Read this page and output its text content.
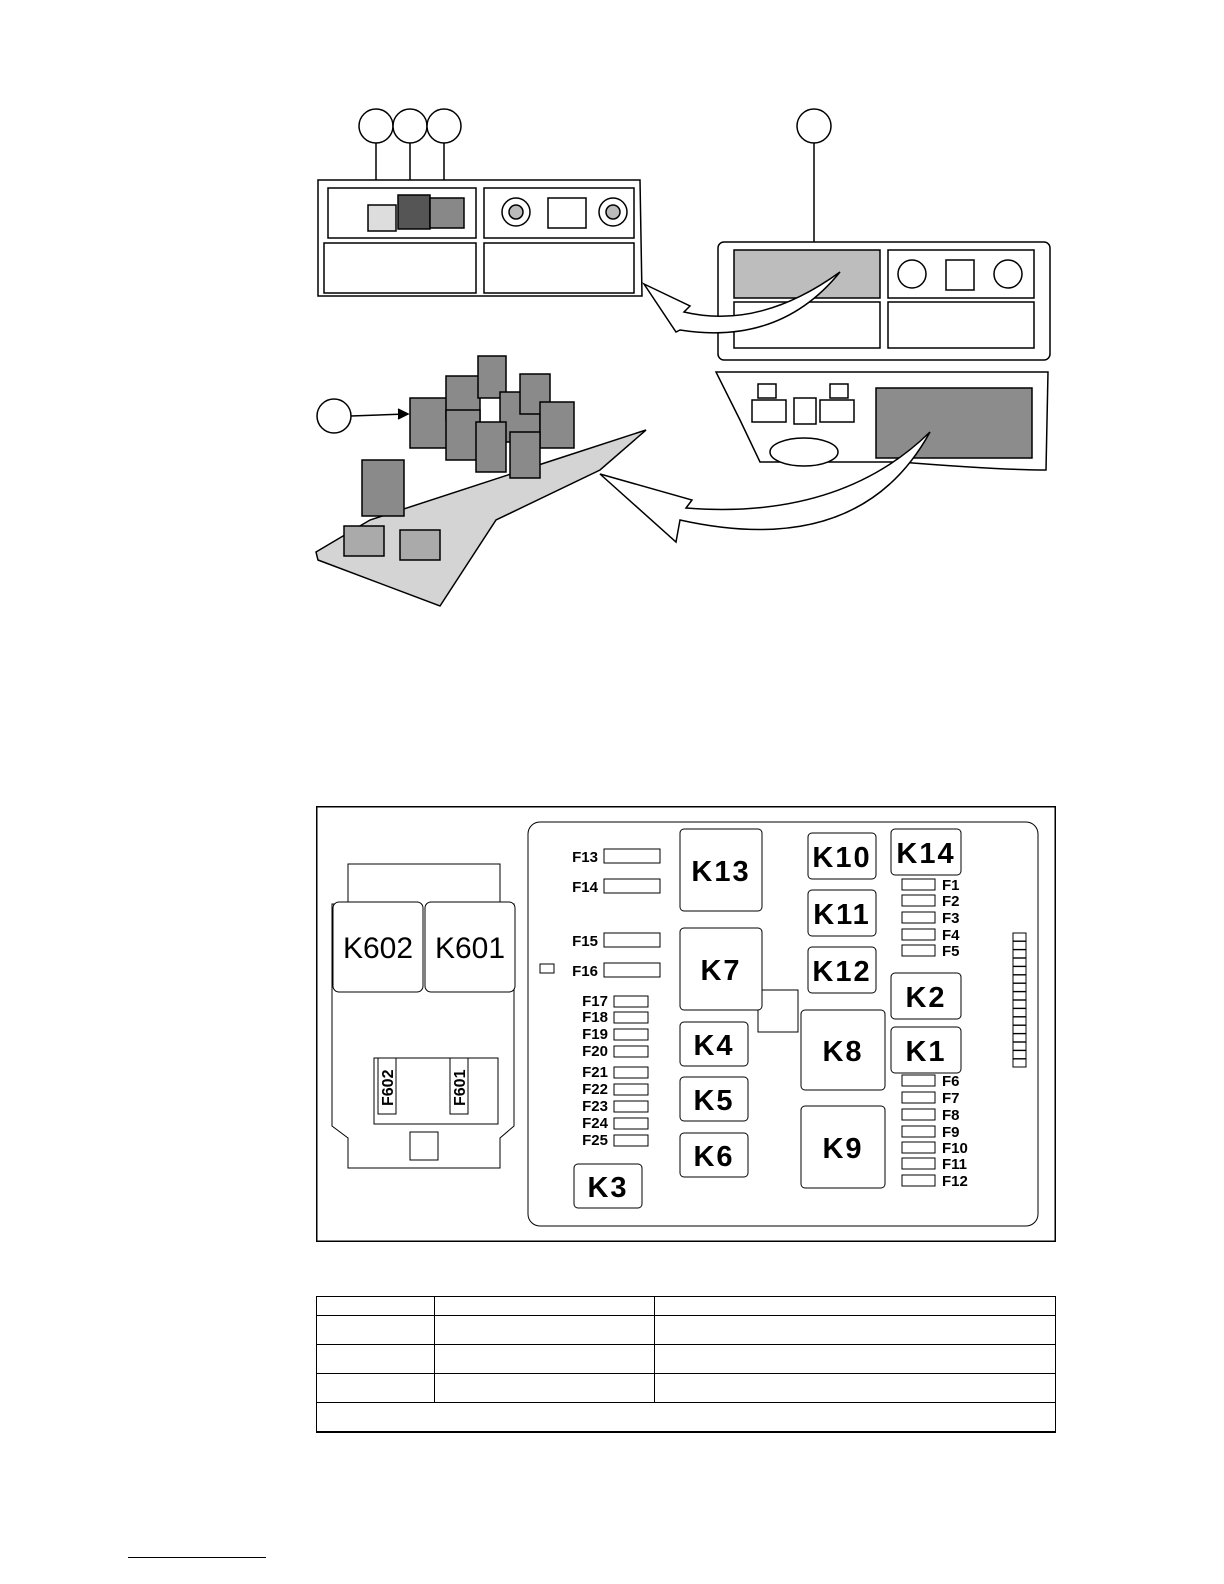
K602 K601
F602	F601
F13
F14
F15
F16
F17
F18
F19
F20
F21
F22
F23
F24
F25
F1
F2
F3
F4
F5
F6
F7
F8
F9
F10
F11
F12
K1
K2
K3
K4
K5
K6
K7
K8
K9
K10
K11
K12
K13
K14
